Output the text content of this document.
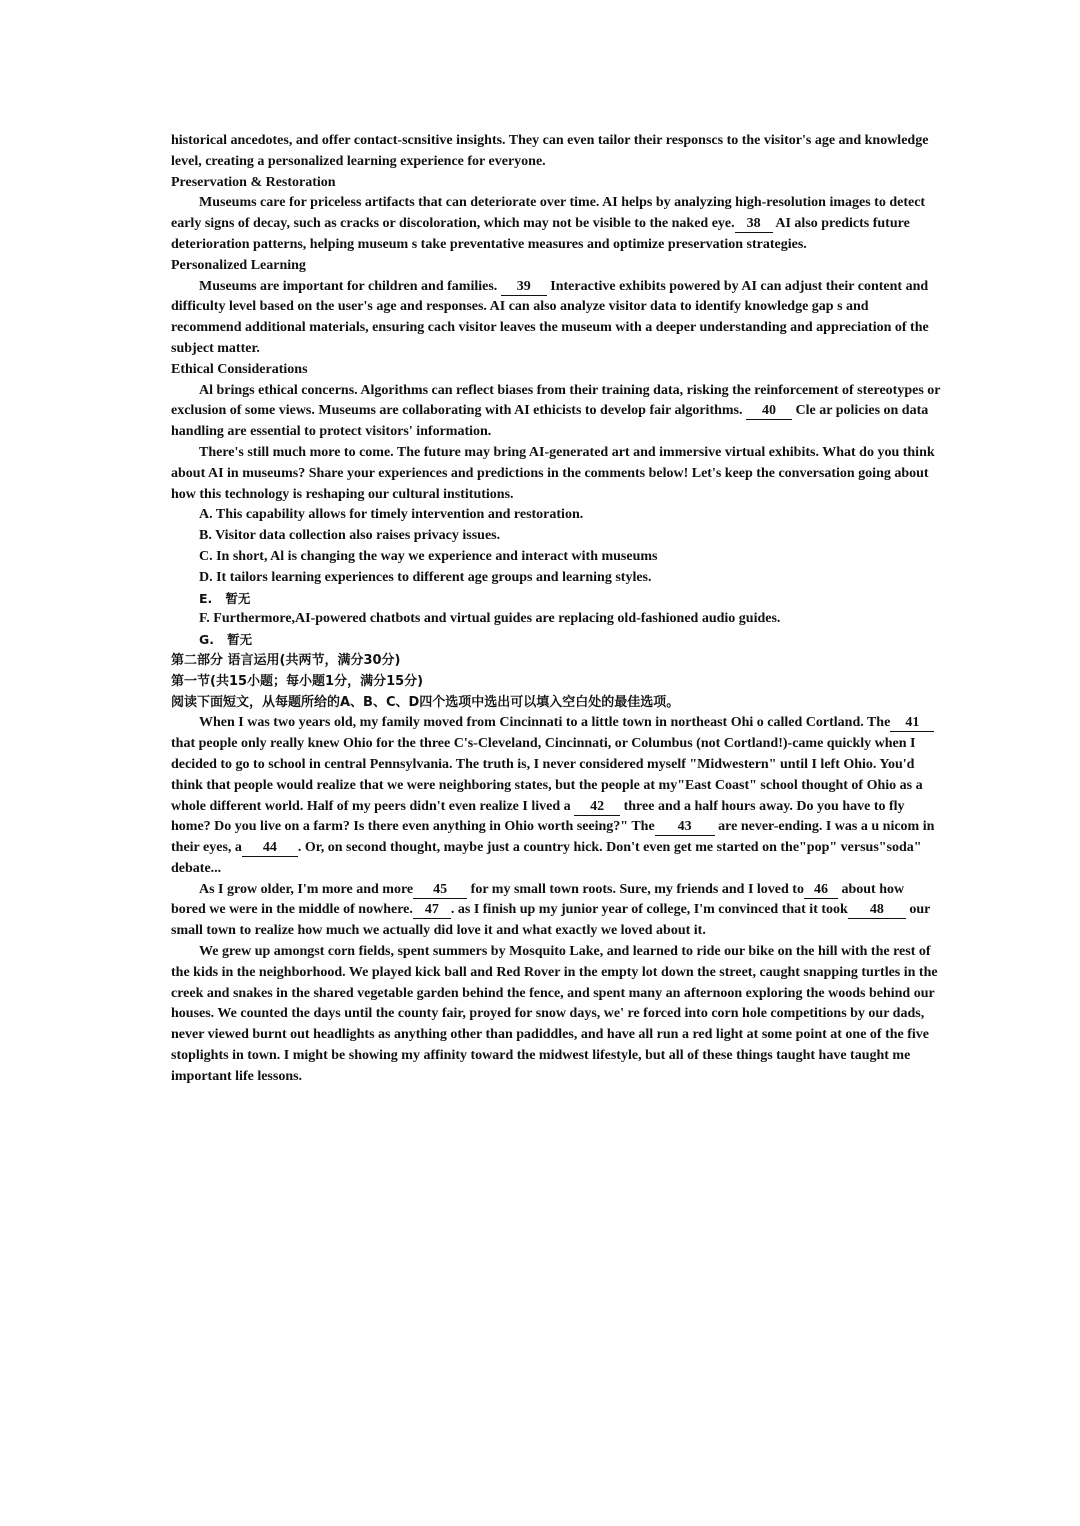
historical ancedotes, and offer contact-scnsitive insights. They can even tailor their responscs to the visitor's age and knowledge level, creating a personalized learning experience for everyone.

Preservation & Restoration

Museums care for priceless artifacts that can deteriorate over time. AI helps by analyzing high-resolution images to detect early signs of decay, such as cracks or discoloration, which may not be visible to the naked eye. 38 AI also predicts future deterioration patterns, helping museum s take preventative measures and optimize preservation strategies.

Personalized Learning

Museums are important for children and families. 39 Interactive exhibits powered by AI can adjust their content and difficulty level based on the user's age and responses. AI can also analyze visitor data to identify knowledge gap s and recommend additional materials, ensuring cach visitor leaves the museum with a deeper understanding and appreciation of the subject matter.

Ethical Considerations

Al brings ethical concerns. Algorithms can reflect biases from their training data, risking the reinforcement of stereotypes or exclusion of some views. Museums are collaborating with AI ethicists to develop fair algorithms. 40 Cle ar policies on data handling are essential to protect visitors' information.

There's still much more to come. The future may bring AI-generated art and immersive virtual exhibits. What do you think about AI in museums? Share your experiences and predictions in the comments below! Let's keep the conversation going about how this technology is reshaping our cultural institutions.

A. This capability allows for timely intervention and restoration.

B. Visitor data collection also raises privacy issues.

C. In short, Al is changing the way we experience and interact with museums

D. It tailors learning experiences to different age groups and learning styles.

E.   暂无

F. Furthermore,AI-powered chatbots and virtual guides are replacing old-fashioned audio guides.

G.   暂无

第二部分 语言运用(共两节，满分30分)

第一节(共15小题；每小题1分，满分15分)

阅读下面短文，从每题所给的A、B、C、D四个选项中选出可以填入空白处的最佳选项。

When I was two years old, my family moved from Cincinnati to a little town in northeast Ohi o called Cortland. The 41 that people only really knew Ohio for the three C's-Cleveland, Cincinnati, or Columbus (not Cortland!)-came quickly when I decided to go to school in central Pennsylvania. The truth is, I never considered myself "Midwestern" until I left Ohio. You'd think that people would realize that we were neighboring states, but the people at my"East Coast" school thought of Ohio as a whole different world. Half of my peers didn't even realize I lived a 42 three and a half hours away. Do you have to fly home? Do you live on a farm? Is there even anything in Ohio worth seeing?" The 43 are never-ending. I was a u nicom in their eyes, a 44 . Or, on second thought, maybe just a country hick. Don't even get me started on the"pop" versus"soda" debate...

As I grow older, I'm more and more 45 for my small town roots. Sure, my friends and I loved to 46 about how bored we were in the middle of nowhere. 47 . as I finish up my junior year of college, I'm convinced that it took 48 our small town to realize how much we actually did love it and what exactly we loved about it.

We grew up amongst corn fields, spent summers by Mosquito Lake, and learned to ride our bike on the hill with the rest of the kids in the neighborhood. We played kick ball and Red Rover in the empty lot down the street, caught snapping turtles in the creek and snakes in the shared vegetable garden behind the fence, and spent many an afternoon exploring the woods behind our houses. We counted the days until the county fair, proyed for snow days, we' re forced into corn hole competitions by our dads, never viewed burnt out headlights as anything other than padiddles, and have all run a red light at some point at one of the five stoplights in town. I might be showing my affinity toward the midwest lifestyle, but all of these things taught have taught me important life lessons.
